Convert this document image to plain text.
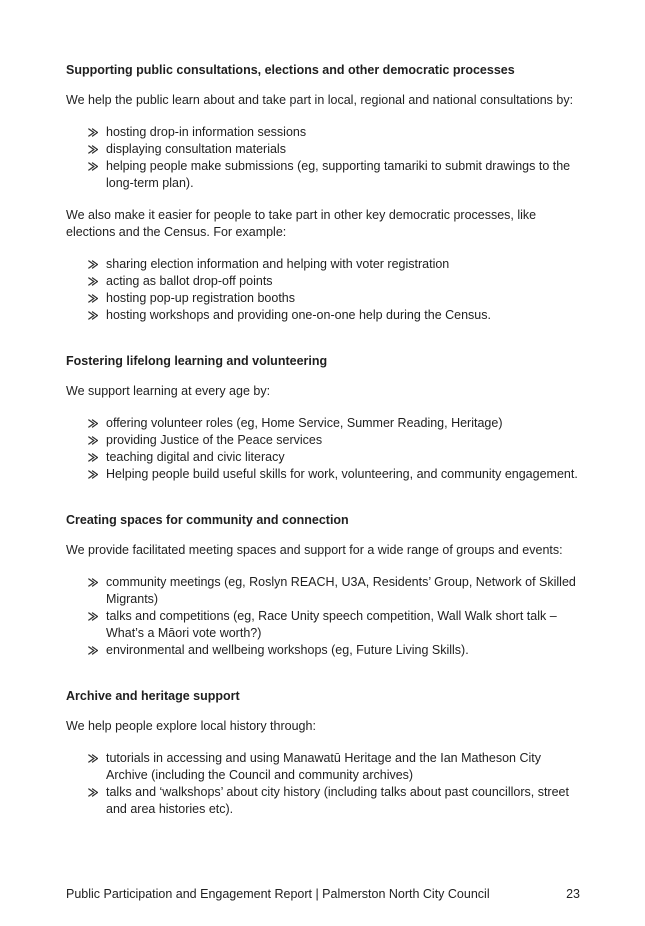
Supporting public consultations, elections and other democratic processes

We help the public learn about and take part in local, regional and national consultations by:

hosting drop-in information sessions
displaying consultation materials
helping people make submissions (eg, supporting tamariki to submit drawings to the long-term plan).

We also make it easier for people to take part in other key democratic processes, like elections and the Census. For example:

sharing election information and helping with voter registration
acting as ballot drop-off points
hosting pop-up registration booths
hosting workshops and providing one-on-one help during the Census.
Fostering lifelong learning and volunteering

We support learning at every age by:

offering volunteer roles (eg, Home Service, Summer Reading, Heritage)
providing Justice of the Peace services
teaching digital and civic literacy
Helping people build useful skills for work, volunteering, and community engagement.
Creating spaces for community and connection

We provide facilitated meeting spaces and support for a wide range of groups and events:

community meetings (eg, Roslyn REACH, U3A, Residents’ Group, Network of Skilled Migrants)
talks and competitions (eg, Race Unity speech competition, Wall Walk short talk – What’s a Māori vote worth?)
environmental and wellbeing workshops (eg, Future Living Skills).
Archive and heritage support

We help people explore local history through:

tutorials in accessing and using Manawatū Heritage and the Ian Matheson City Archive (including the Council and community archives)
talks and ‘walkshops’ about city history (including talks about past councillors, street and area histories etc).
Public Participation and Engagement Report | Palmerston North City Council	23
